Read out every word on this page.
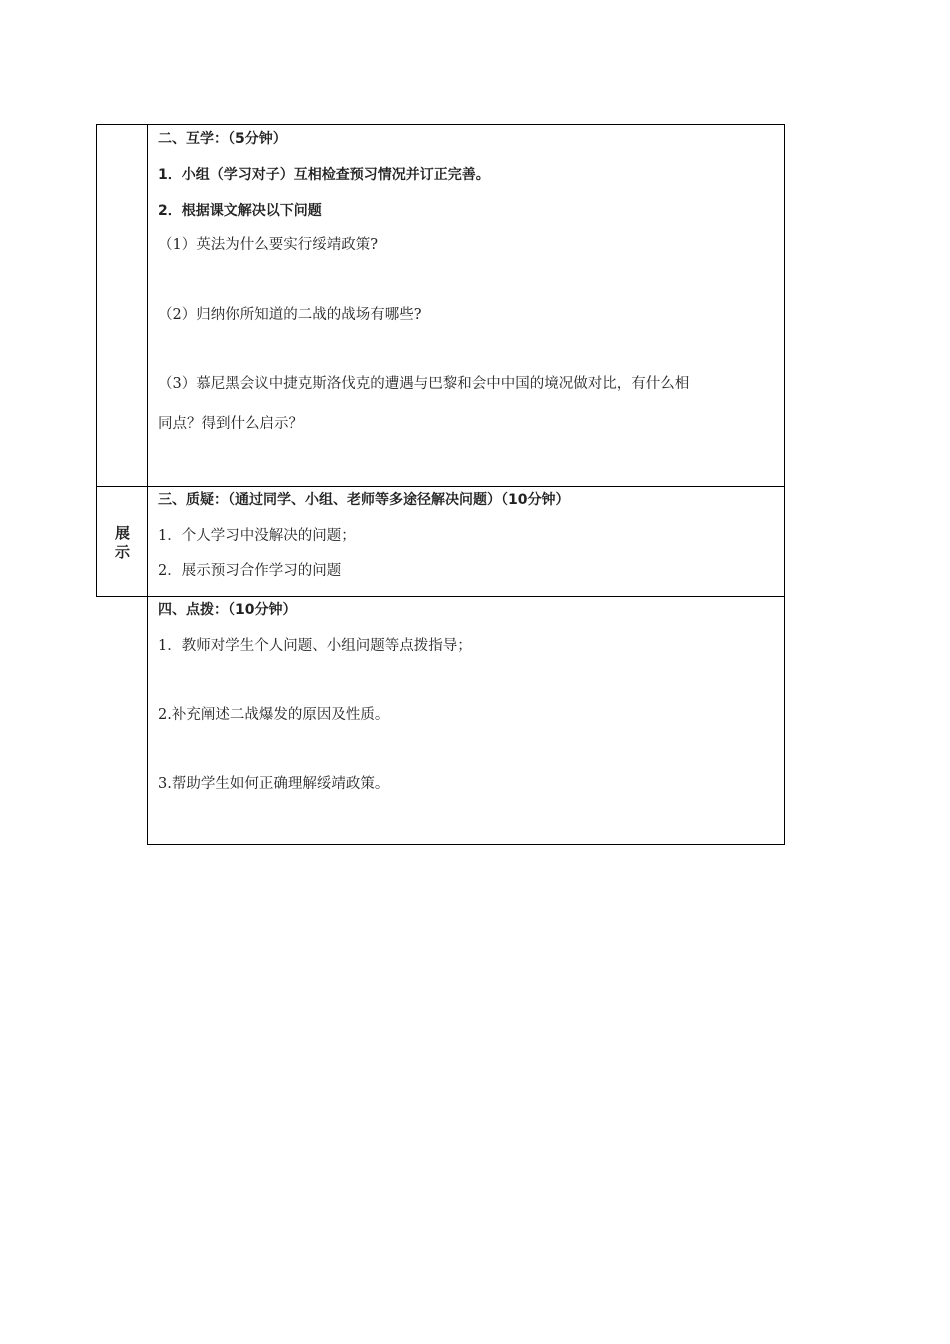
二、互学：（5分钟）
1．小组（学习对子）互相检查预习情况并订正完善。
2．根据课文解决以下问题
（1）英法为什么要实行绥靖政策?
（2）归纳你所知道的二战的战场有哪些?
（3）慕尼黑会议中捷克斯洛伐克的遭遇与巴黎和会中中国的境况做对比，有什么相
同点？得到什么启示？
展
示
三、质疑：（通过同学、小组、老师等多途径解决问题）（10分钟）
1．个人学习中没解决的问题；
2．展示预习合作学习的问题
四、点拨：（10分钟）
1．教师对学生个人问题、小组问题等点拨指导；
2.补充阐述二战爆发的原因及性质。
3.帮助学生如何正确理解绥靖政策。
